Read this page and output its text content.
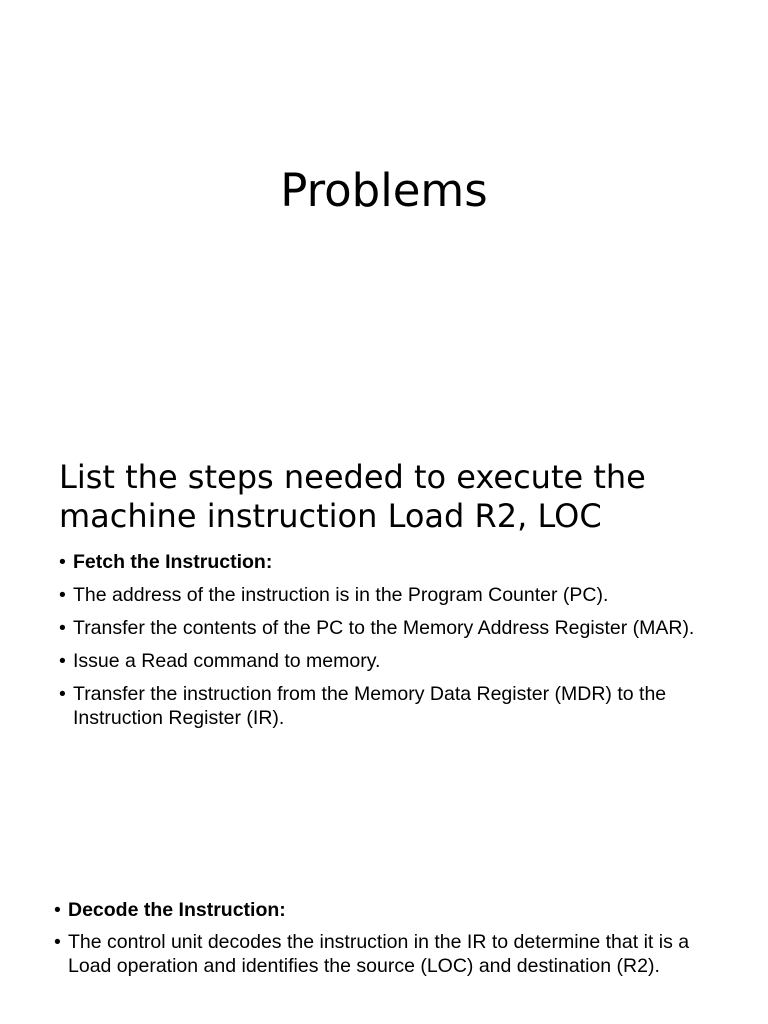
Problems
List the steps needed to execute the machine instruction Load R2, LOC
• Fetch the Instruction:
• The address of the instruction is in the Program Counter (PC).
• Transfer the contents of the PC to the Memory Address Register (MAR).
• Issue a Read command to memory.
• Transfer the instruction from the Memory Data Register (MDR) to the Instruction Register (IR).
• Decode the Instruction:
• The control unit decodes the instruction in the IR to determine that it is a Load operation and identifies the source (LOC) and destination (R2).
